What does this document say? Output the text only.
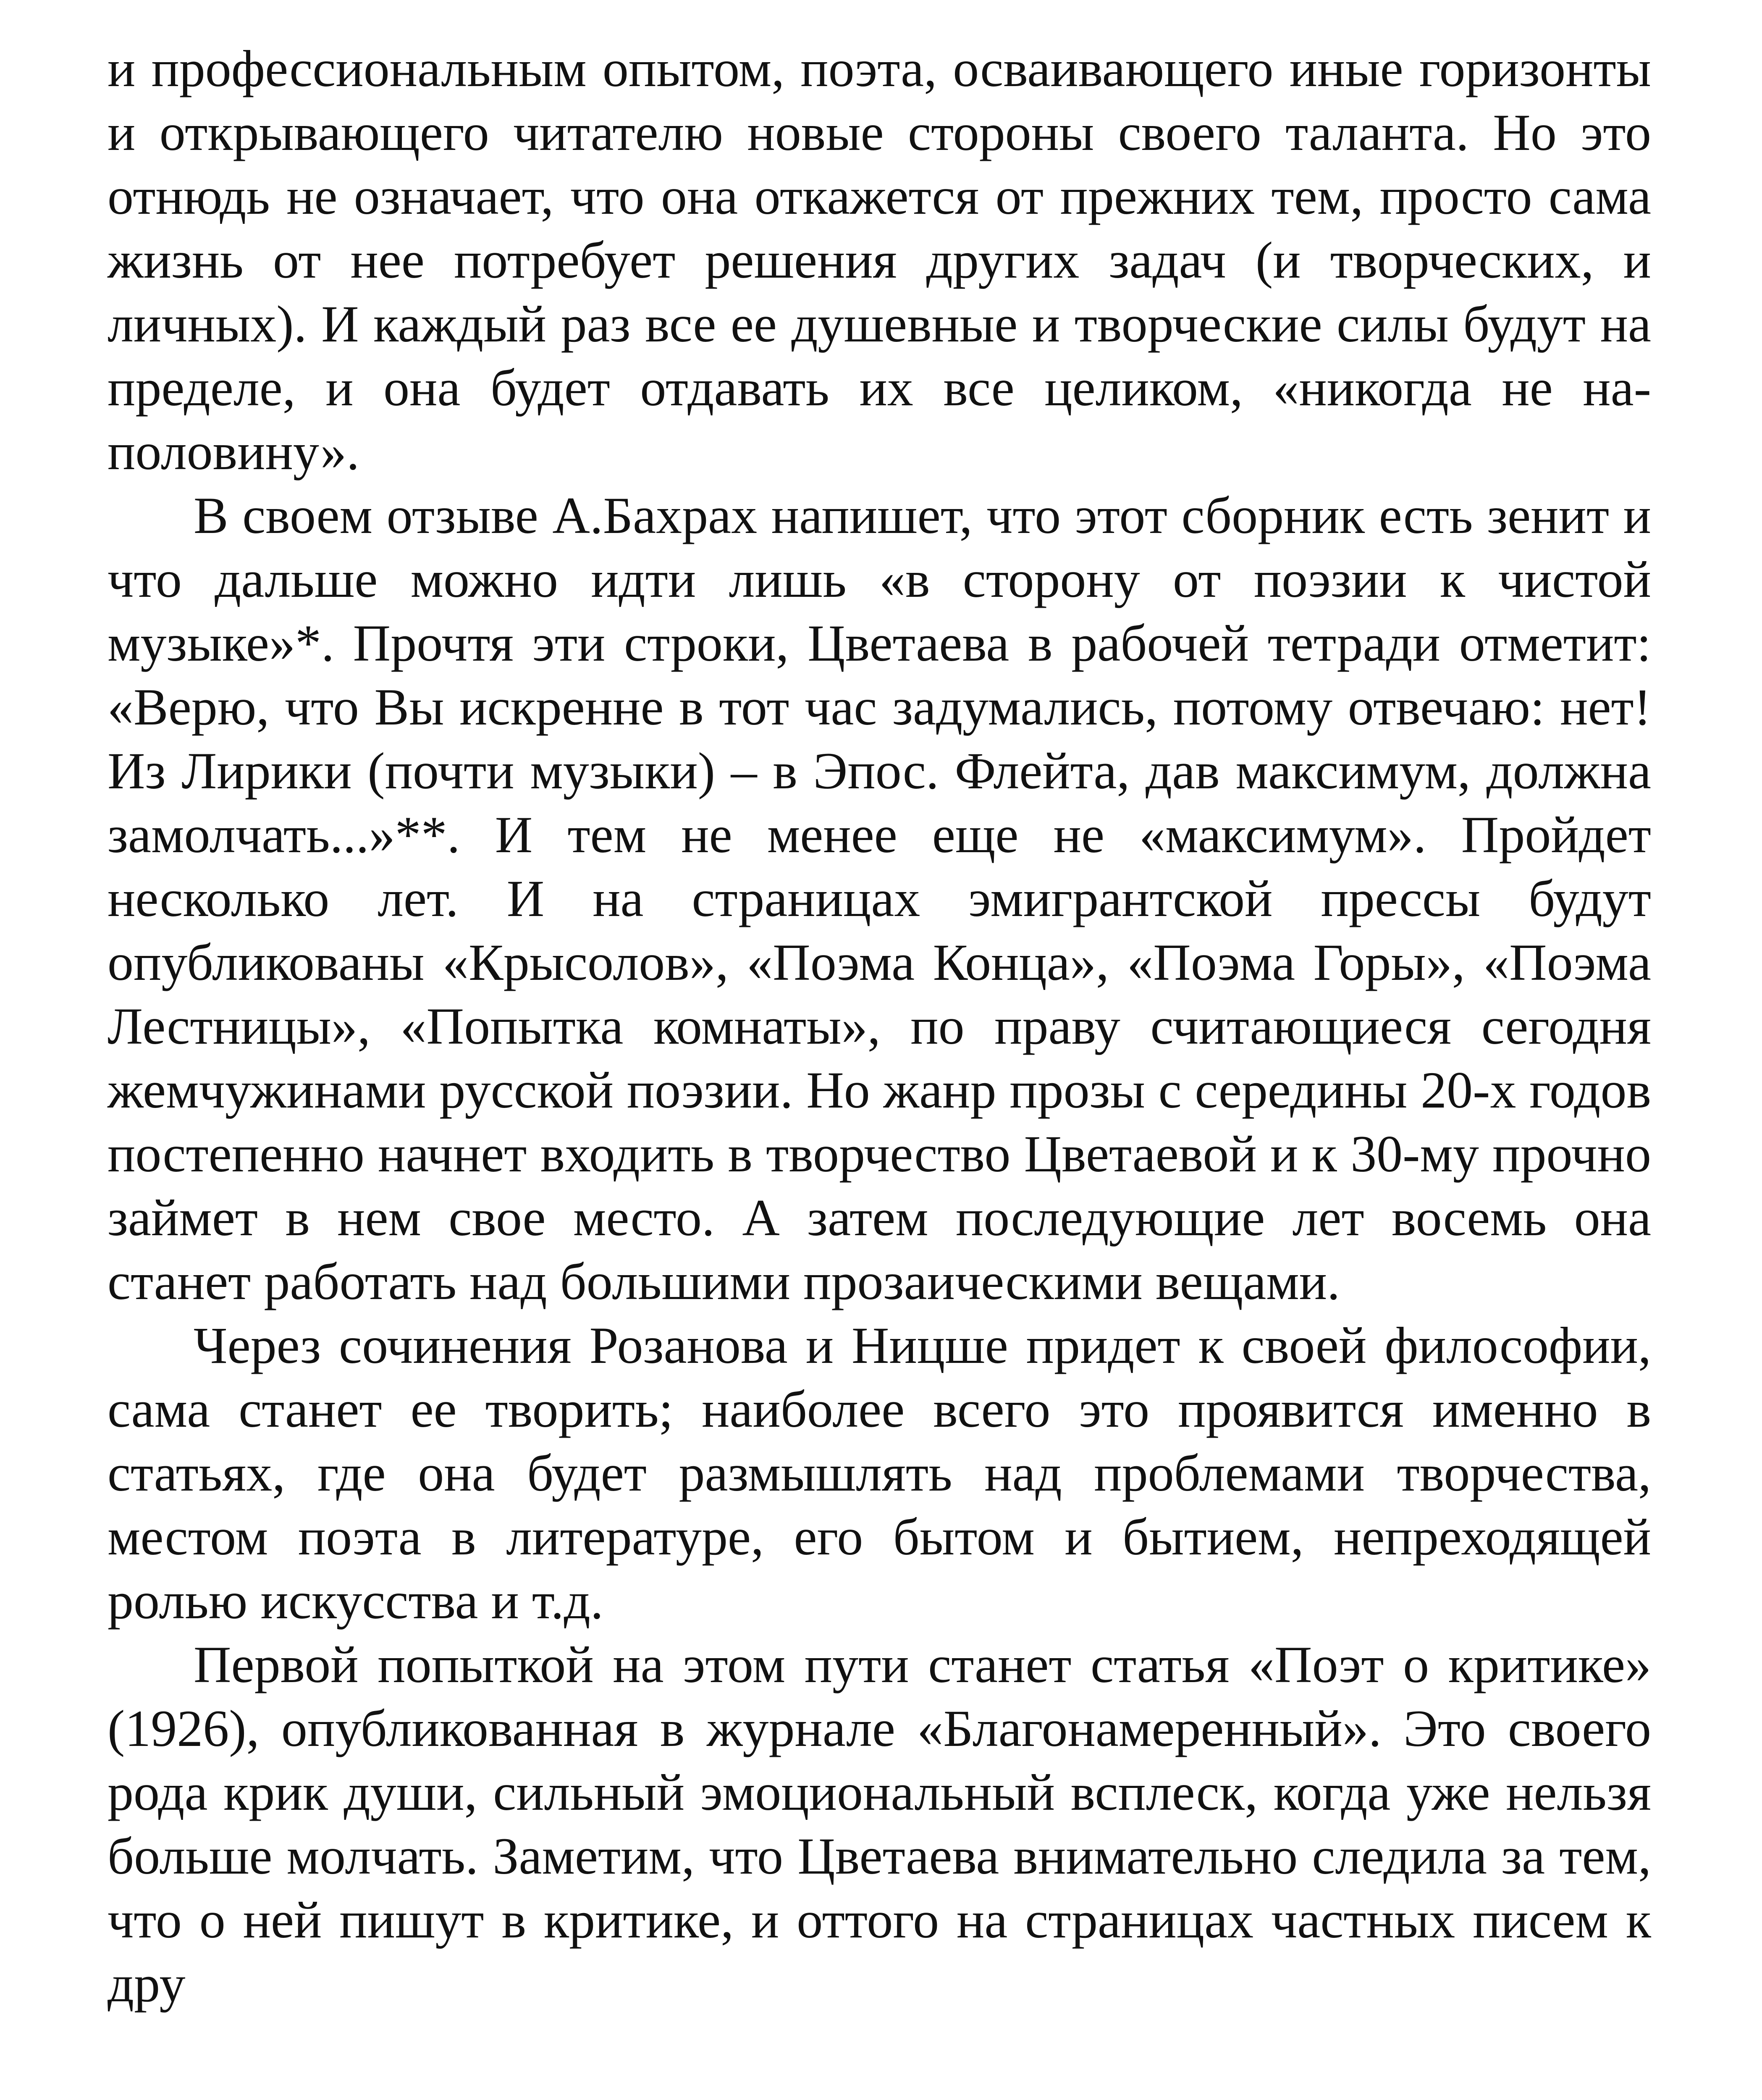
и профессиональным опытом, поэта, осваивающего иные горизонты и открывающего читателю новые стороны своего таланта. Но это отнюдь не означает, что она откажется от прежних тем, просто сама жизнь от нее потребует решения других задач (и творческих, и личных). И каждый раз все ее душевные и творческие силы будут на пределе, и она будет отдавать их все целиком, «никогда не наполовину».

В своем отзыве А.Бахрах напишет, что этот сборник есть зенит и что дальше можно идти лишь «в сторону от поэзии к чистой музыке»*. Прочтя эти строки, Цветаева в рабочей тетради отметит: «Верю, что Вы искренне в тот час задумались, потому отвечаю: нет! Из Лирики (почти музыки) – в Эпос. Флейта, дав максимум, должна замолчать...»**. И тем не менее еще не «максимум». Пройдет несколько лет. И на страницах эмигрантской прессы будут опубликованы «Крысолов», «Поэма Конца», «Поэма Горы», «Поэма Лестницы», «Попытка комнаты», по праву считающиеся сегодня жемчужинами русской поэзии. Но жанр прозы с середины 20-х годов постепенно начнет входить в творчество Цветаевой и к 30-му прочно займет в нем свое место. А затем последующие лет восемь она станет работать над большими прозаическими вещами.

Через сочинения Розанова и Ницше придет к своей философии, сама станет ее творить; наиболее всего это проявится именно в статьях, где она будет размышлять над проблемами творчества, местом поэта в литературе, его бытом и бытием, непреходящей ролью искусства и т.д.

Первой попыткой на этом пути станет статья «Поэт о критике» (1926), опубликованная в журнале «Благонамеренный». Это своего рода крик души, сильный эмоциональный всплеск, когда уже нельзя больше молчать. Заметим, что Цветаева внимательно следила за тем, что о ней пишут в критике, и оттого на страницах частных писем к дру
